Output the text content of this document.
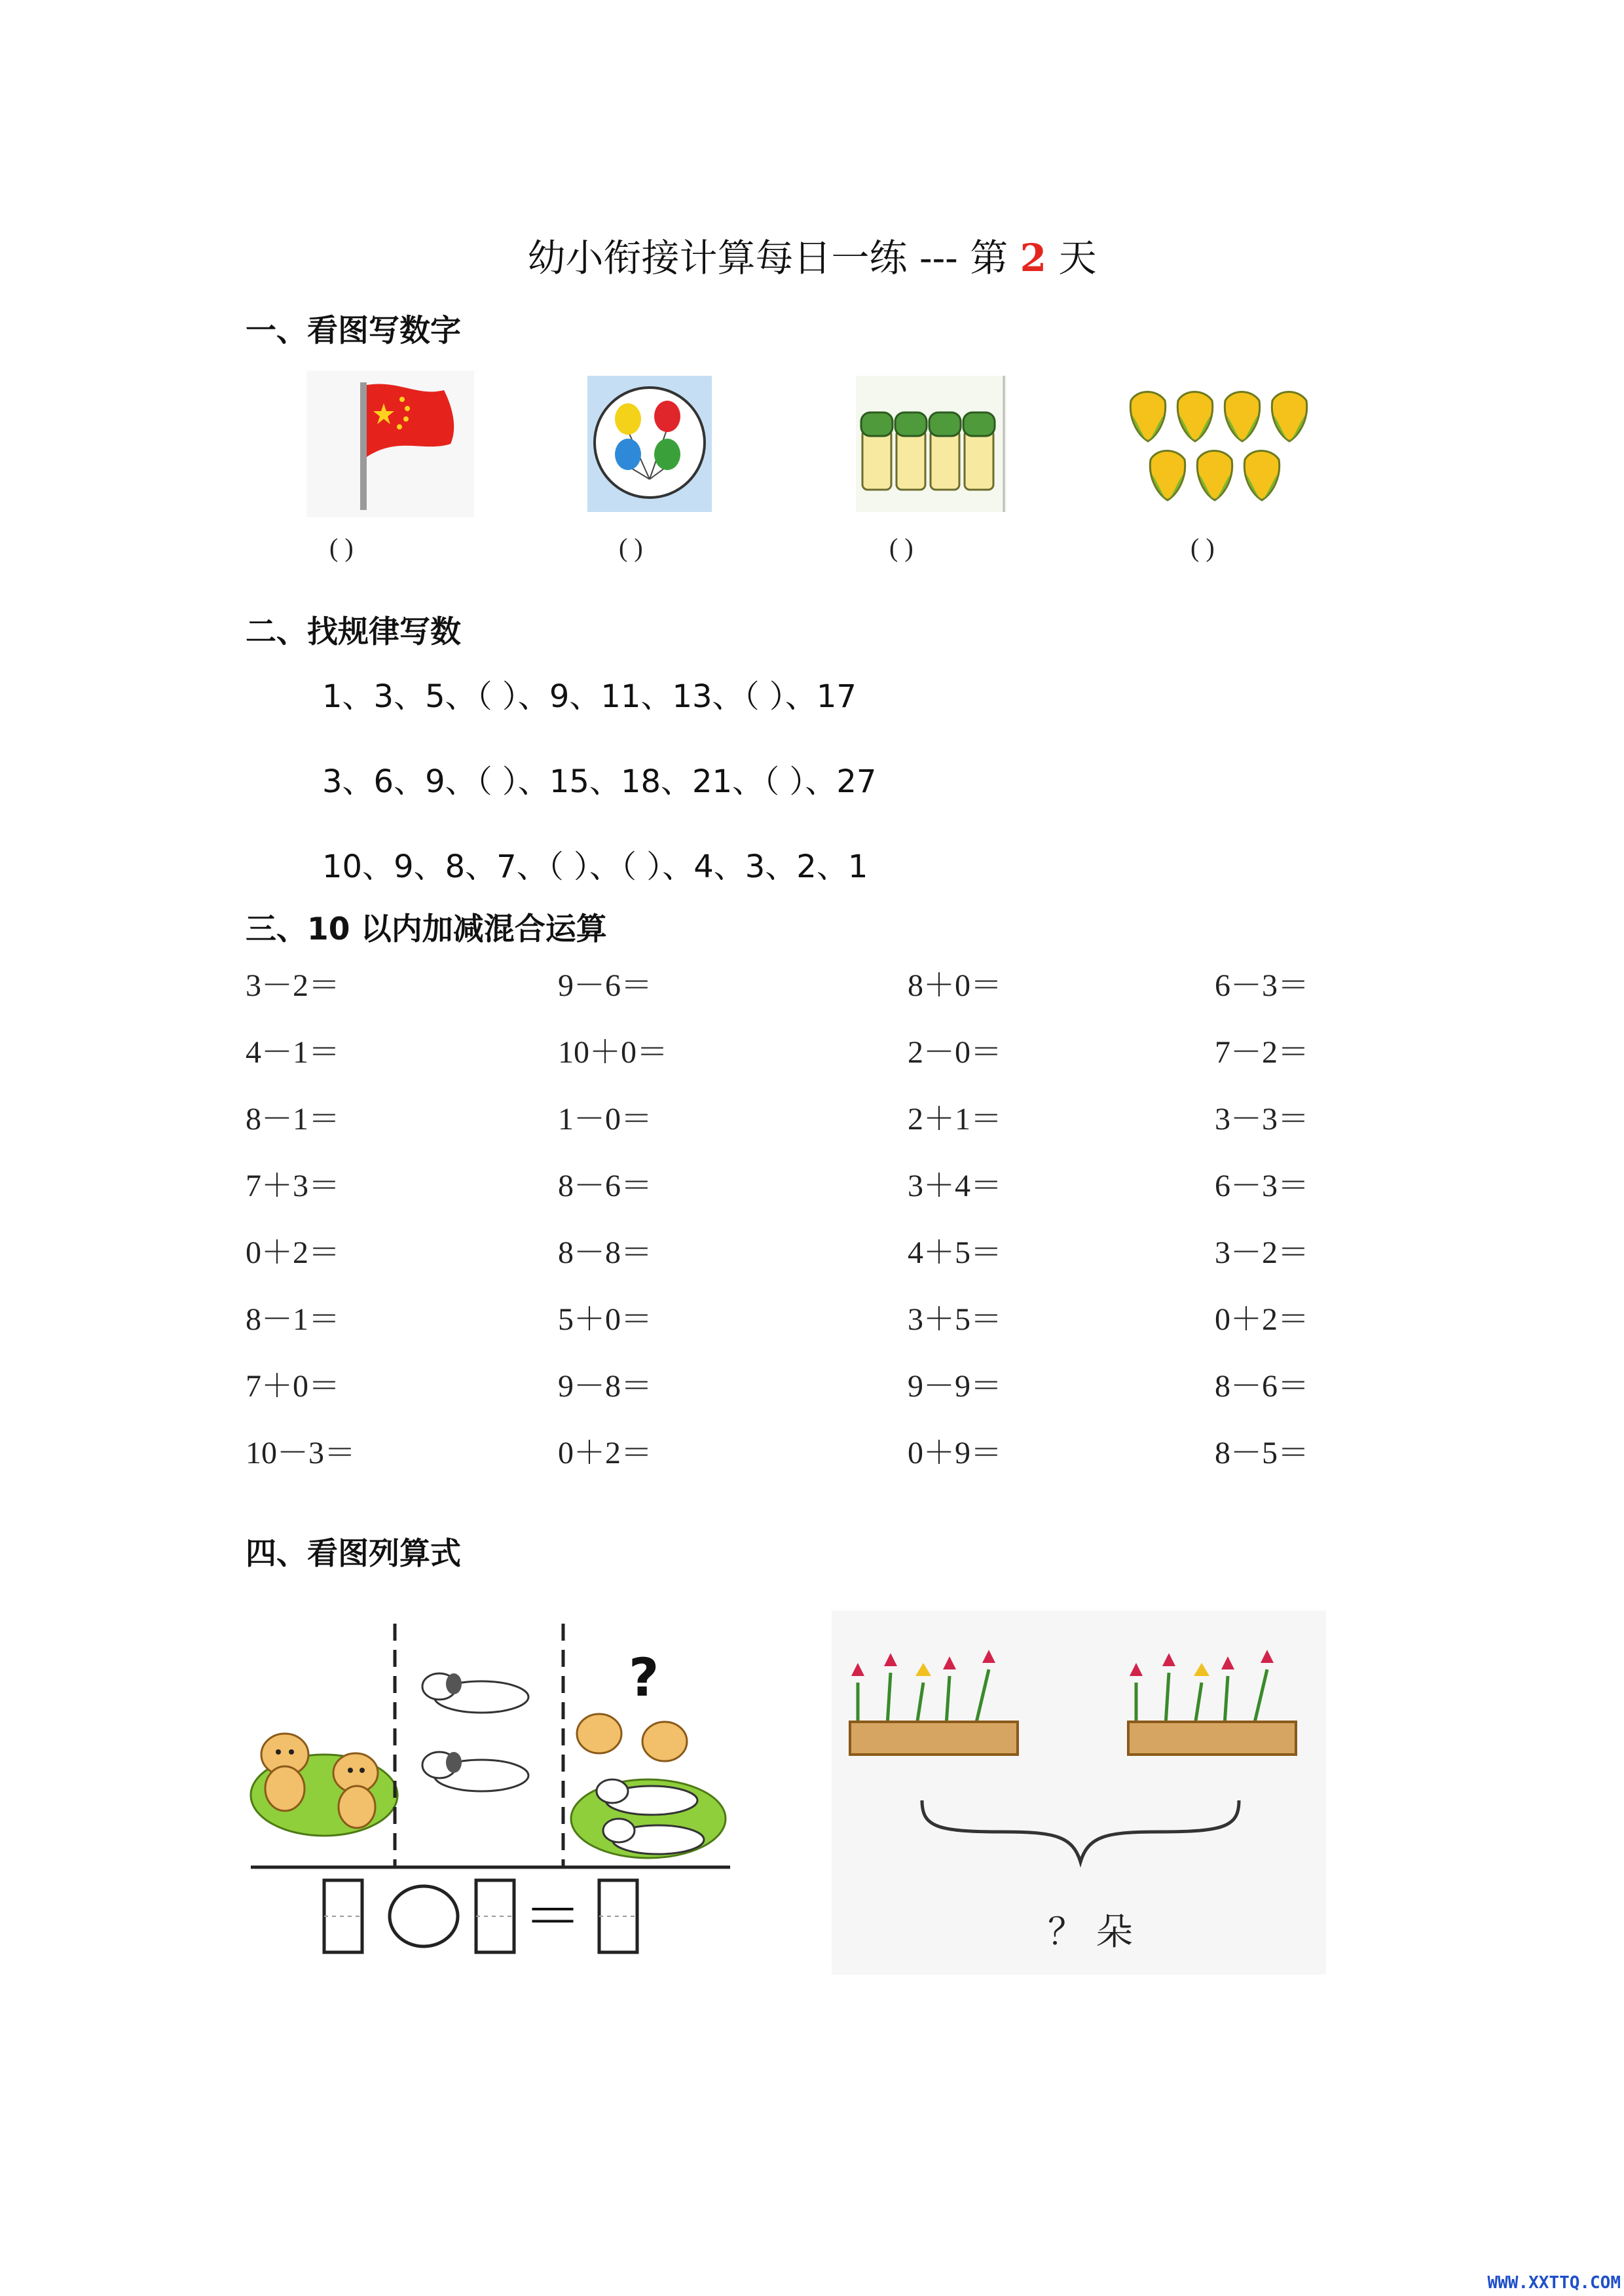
幼小衔接计算每日一练 --- 第 2 天
一、看图写数字
( )	( )	( )	( )
二、找规律写数
1、3、5、（ ）、9、11、13、（ ）、17
3、6、9、（ ）、15、18、21、（ ）、27
10、9、8、7、（ ）、（ ）、4、3、2、1
三、10 以内加减混合运算
3－2＝	9－6＝	8＋0＝	6－3＝
4－1＝	10＋0＝	2－0＝	7－2＝
8－1＝	1－0＝	2＋1＝	3－3＝
7＋3＝	8－6＝	3＋4＝	6－3＝
0＋2＝	8－8＝	4＋5＝	3－2＝
8－1＝	5＋0＝	3＋5＝	0＋2＝
7＋0＝	9－8＝	9－9＝	8－6＝
10－3＝	0＋2＝	0＋9＝	8－5＝
四、看图列算式
?
＝	？ 朵
WWW.XXTTQ.COM
